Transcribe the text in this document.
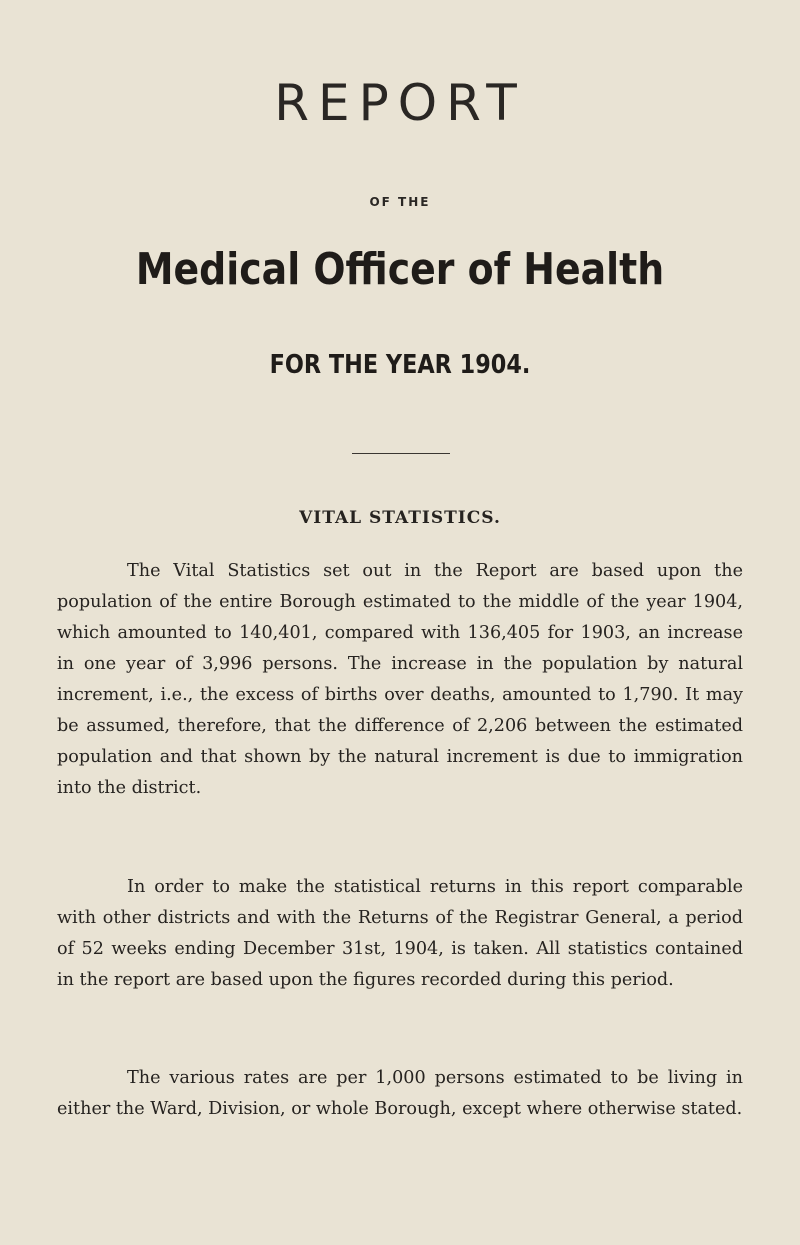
REPORT
OF THE
Medical Officer of Health
FOR THE YEAR 1904.
VITAL STATISTICS.

The Vital Statistics set out in the Report are based upon the population of the entire Borough estimated to the middle of the year 1904, which amounted to 140,401, compared with 136,405 for 1903, an increase in one year of 3,996 persons. The increase in the population by natural increment, i.e., the excess of births over deaths, amounted to 1,790. It may be assumed, therefore, that the difference of 2,206 between the estimated population and that shown by the natural increment is due to immigration into the district.

In order to make the statistical returns in this report comparable with other districts and with the Returns of the Registrar General, a period of 52 weeks ending December 31st, 1904, is taken. All statistics contained in the report are based upon the figures recorded during this period.

The various rates are per 1,000 persons estimated to be living in either the Ward, Division, or whole Borough, except where otherwise stated.
